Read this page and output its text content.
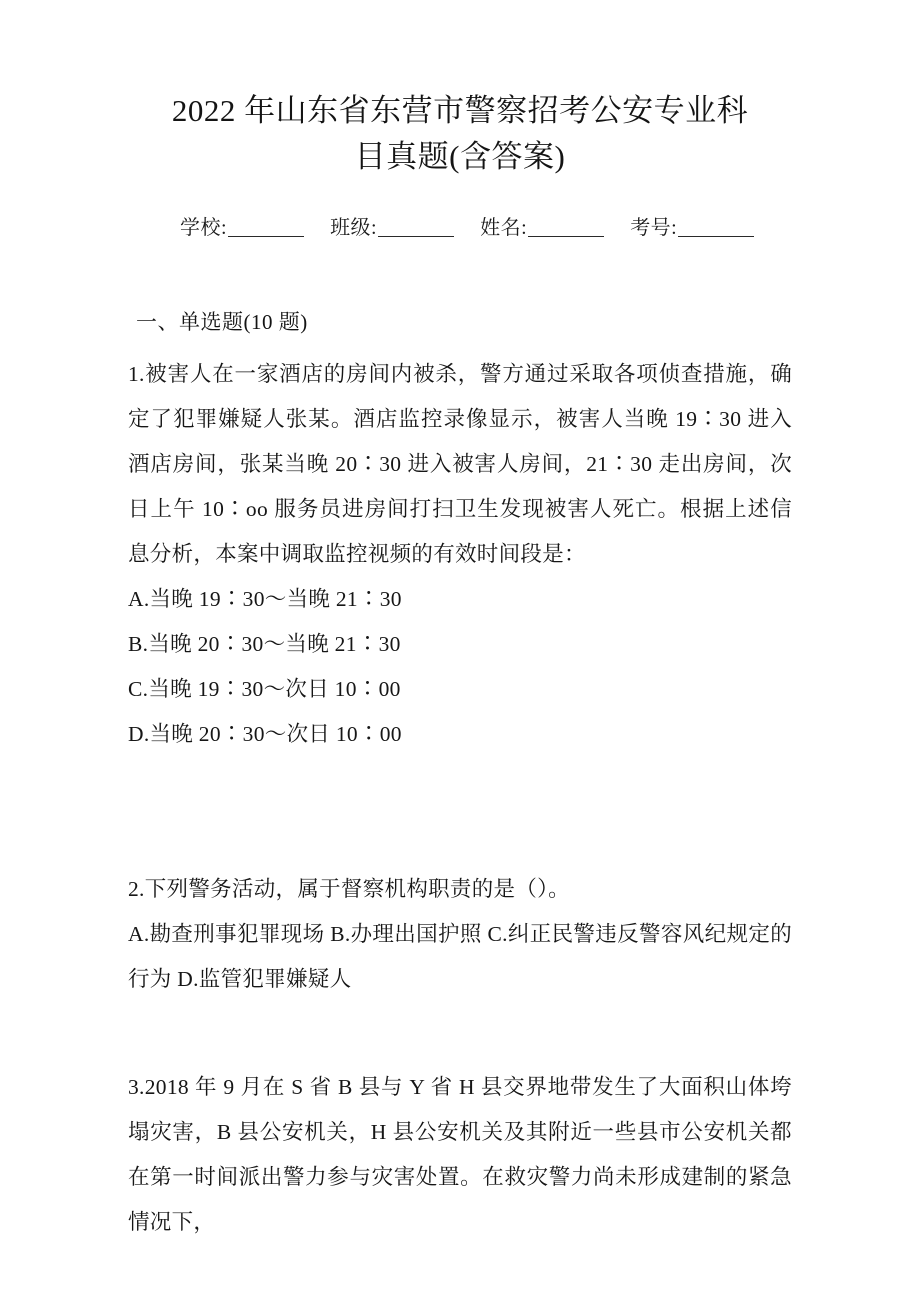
2022 年山东省东营市警察招考公安专业科
目真题(含答案)
学校:	班级:	姓名:	考号:
一、单选题(10 题)
1.被害人在一家酒店的房间内被杀，警方通过采取各项侦查措施，确定了犯罪嫌疑人张某。酒店监控录像显示，被害人当晚 19∶30 进入酒店房间，张某当晚 20∶30 进入被害人房间，21∶30 走出房间，次日上午 10∶oo 服务员进房间打扫卫生发现被害人死亡。根据上述信息分析，本案中调取监控视频的有效时间段是：
A.当晚 19∶30～当晚 21∶30
B.当晚 20∶30～当晚 21∶30
C.当晚 19∶30～次日 10∶00
D.当晚 20∶30～次日 10∶00
2.下列警务活动，属于督察机构职责的是（）。
A.勘查刑事犯罪现场 B.办理出国护照 C.纠正民警违反警容风纪规定的行为 D.监管犯罪嫌疑人
3.2018 年 9 月在 S 省 B 县与 Y 省 H 县交界地带发生了大面积山体垮塌灾害，B 县公安机关，H 县公安机关及其附近一些县市公安机关都在第一时间派出警力参与灾害处置。在救灾警力尚未形成建制的紧急情况下，
